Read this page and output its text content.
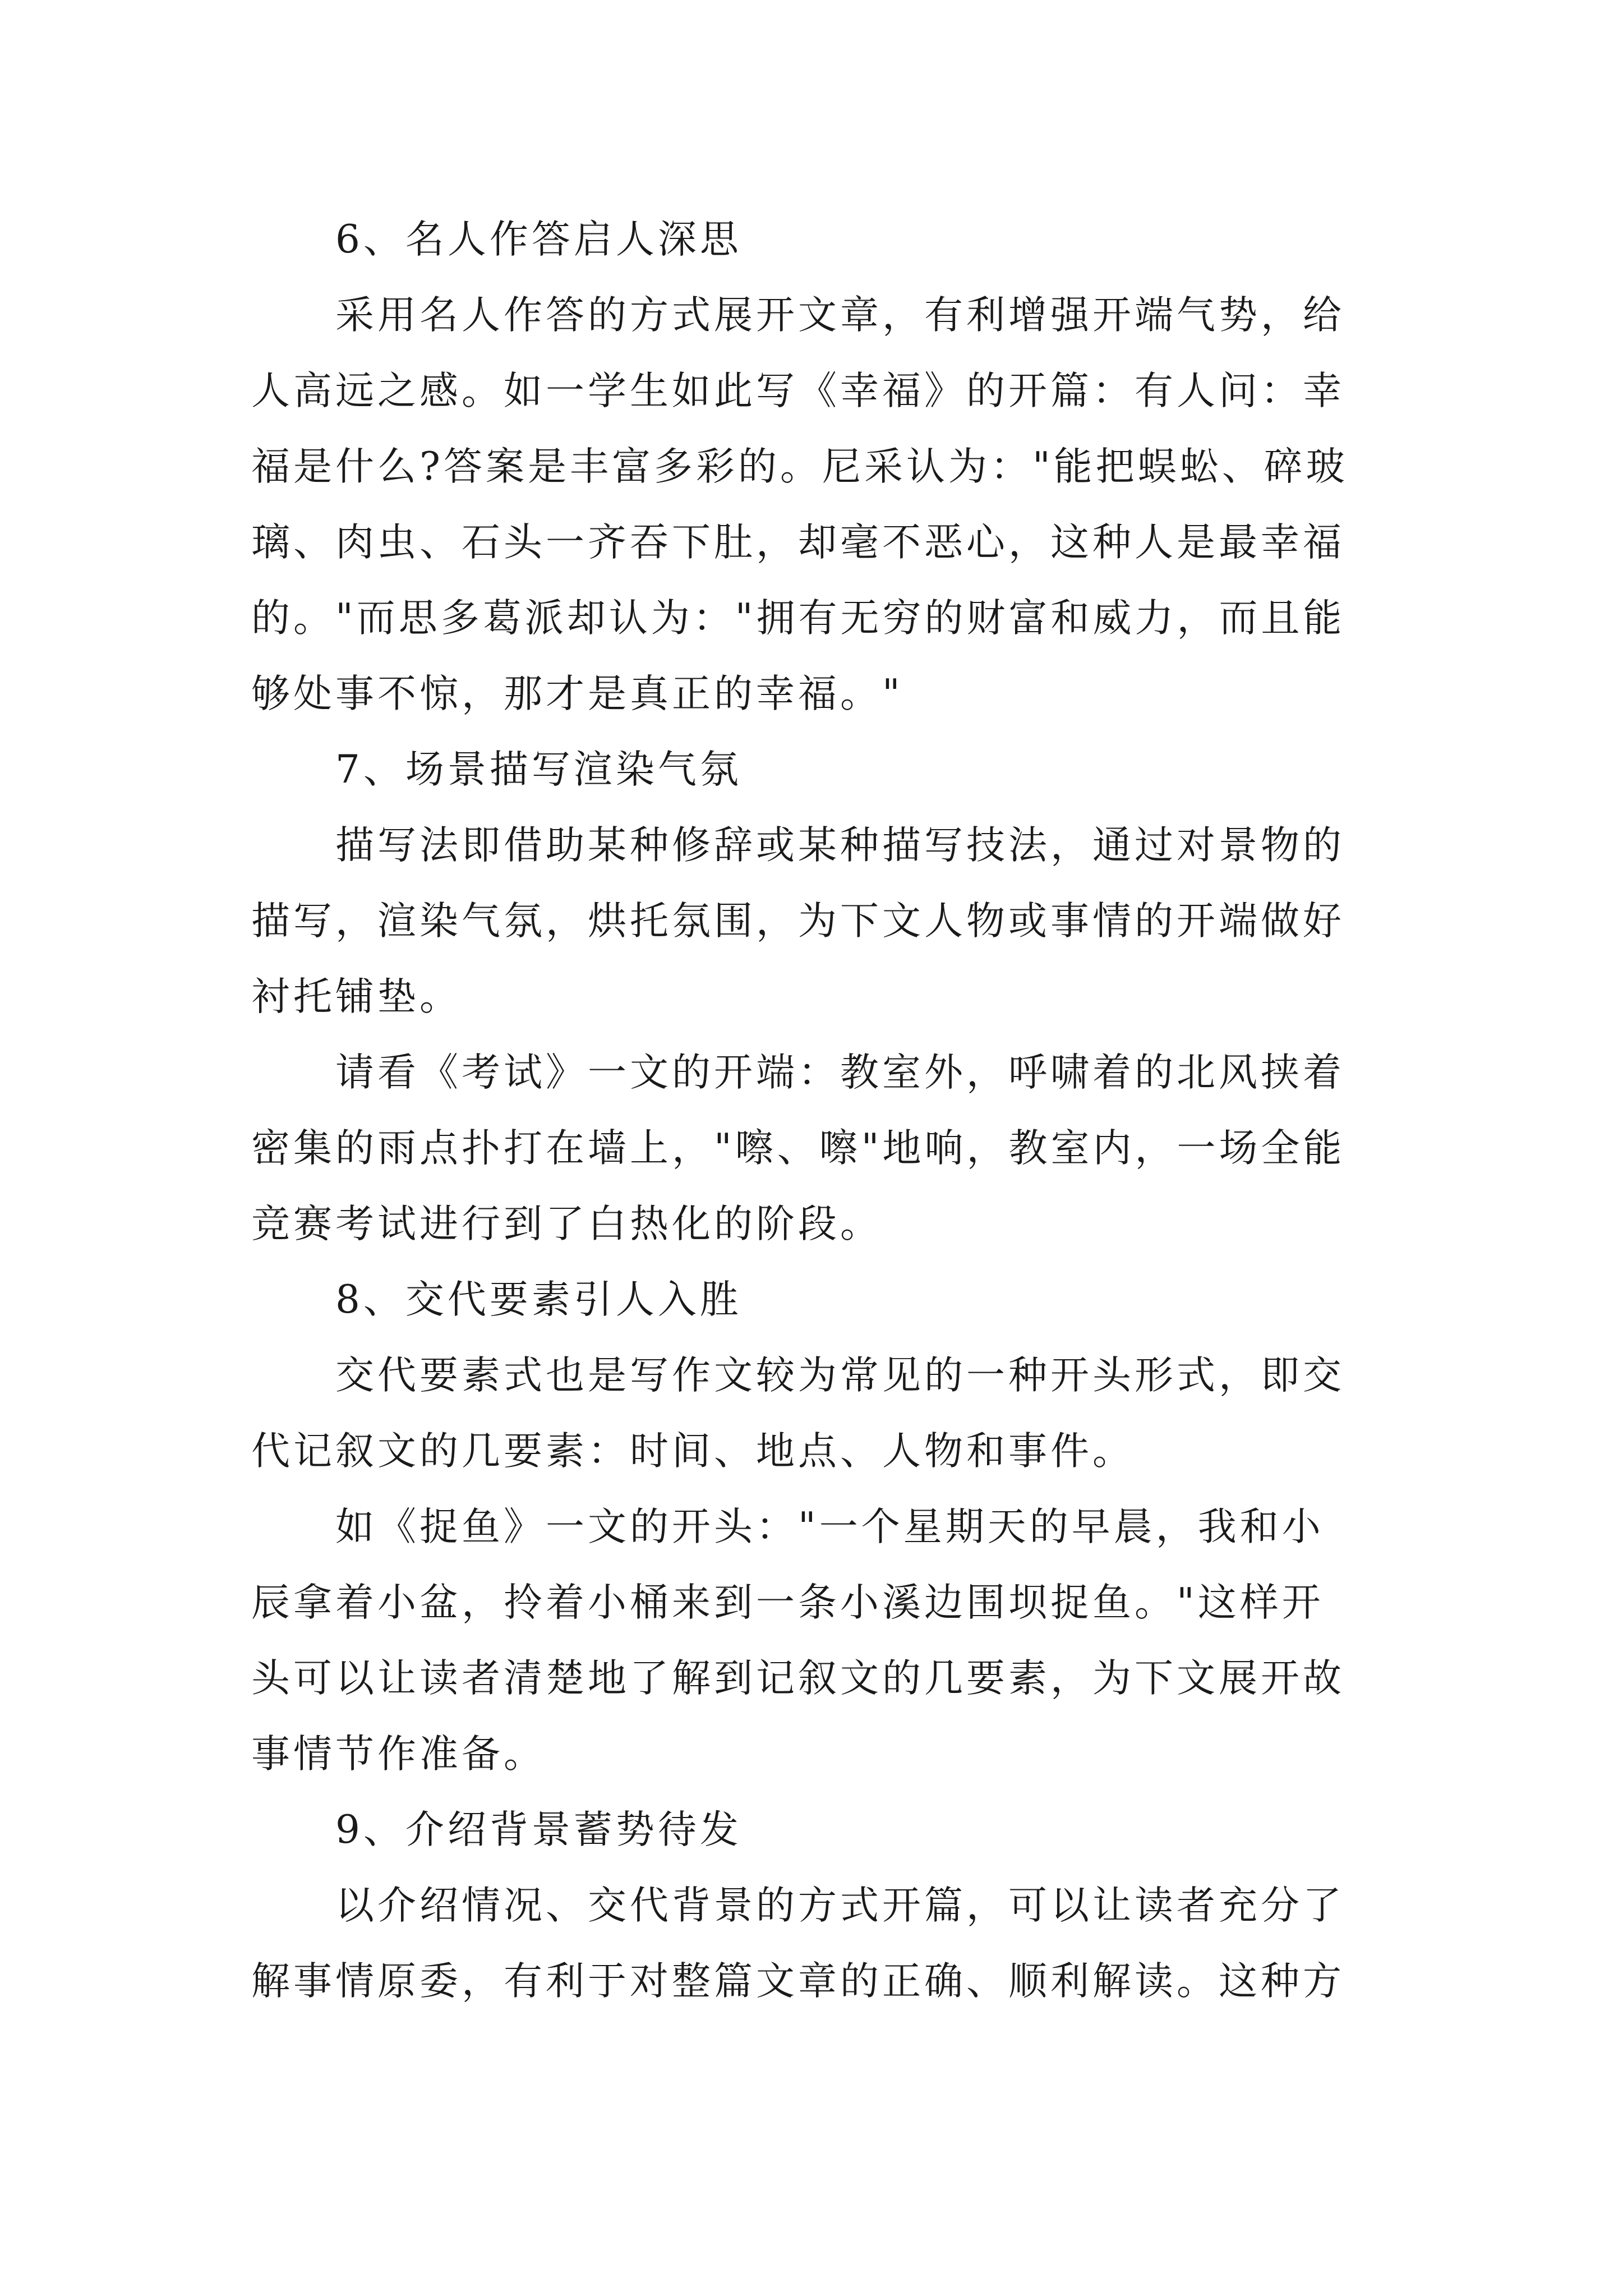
6、名人作答启人深思
采用名人作答的方式展开文章，有利增强开端气势，给
人高远之感。如一学生如此写《幸福》的开篇：有人问：幸
福是什么?答案是丰富多彩的。尼采认为："能把蜈蚣、碎玻
璃、肉虫、石头一齐吞下肚，却毫不恶心，这种人是最幸福
的。"而思多葛派却认为："拥有无穷的财富和威力，而且能
够处事不惊，那才是真正的幸福。"
7、场景描写渲染气氛
描写法即借助某种修辞或某种描写技法，通过对景物的
描写，渲染气氛，烘托氛围，为下文人物或事情的开端做好
衬托铺垫。
请看《考试》一文的开端：教室外，呼啸着的北风挟着
密集的雨点扑打在墙上，"嚓、嚓"地响，教室内，一场全能
竞赛考试进行到了白热化的阶段。
8、交代要素引人入胜
交代要素式也是写作文较为常见的一种开头形式，即交
代记叙文的几要素：时间、地点、人物和事件。
如《捉鱼》一文的开头："一个星期天的早晨，我和小
辰拿着小盆，拎着小桶来到一条小溪边围坝捉鱼。"这样开
头可以让读者清楚地了解到记叙文的几要素，为下文展开故
事情节作准备。
9、介绍背景蓄势待发
以介绍情况、交代背景的方式开篇，可以让读者充分了
解事情原委，有利于对整篇文章的正确、顺利解读。这种方
